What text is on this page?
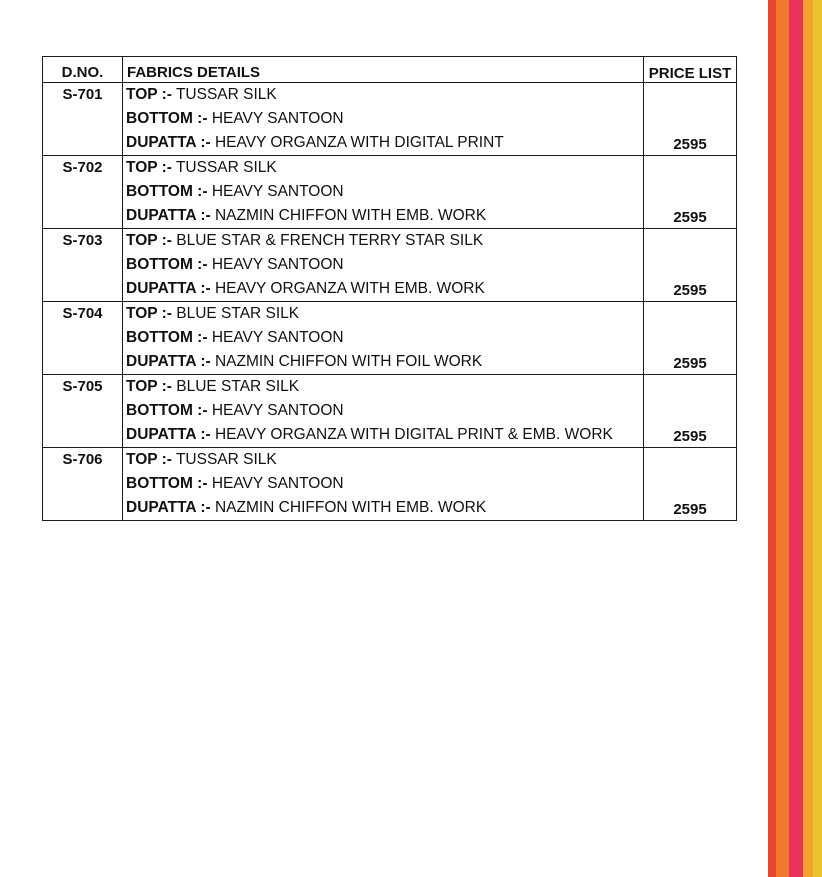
D.NO.	FABRICS DETAILS	PRICE LIST
S-701	TOP :- TUSSAR SILK
BOTTOM :- HEAVY SANTOON
DUPATTA :- HEAVY ORGANZA WITH DIGITAL PRINT	2595
S-702	TOP :- TUSSAR SILK
BOTTOM :- HEAVY SANTOON
DUPATTA :- NAZMIN CHIFFON WITH EMB. WORK	2595
S-703	TOP :- BLUE STAR & FRENCH TERRY STAR SILK
BOTTOM :- HEAVY SANTOON
DUPATTA :- HEAVY ORGANZA WITH EMB. WORK	2595
S-704	TOP :- BLUE STAR SILK
BOTTOM :- HEAVY SANTOON
DUPATTA :- NAZMIN CHIFFON WITH FOIL WORK	2595
S-705	TOP :- BLUE STAR SILK
BOTTOM :- HEAVY SANTOON
DUPATTA :- HEAVY ORGANZA WITH DIGITAL PRINT & EMB. WORK	2595
S-706	TOP :- TUSSAR SILK
BOTTOM :- HEAVY SANTOON
DUPATTA :- NAZMIN CHIFFON WITH EMB. WORK	2595
